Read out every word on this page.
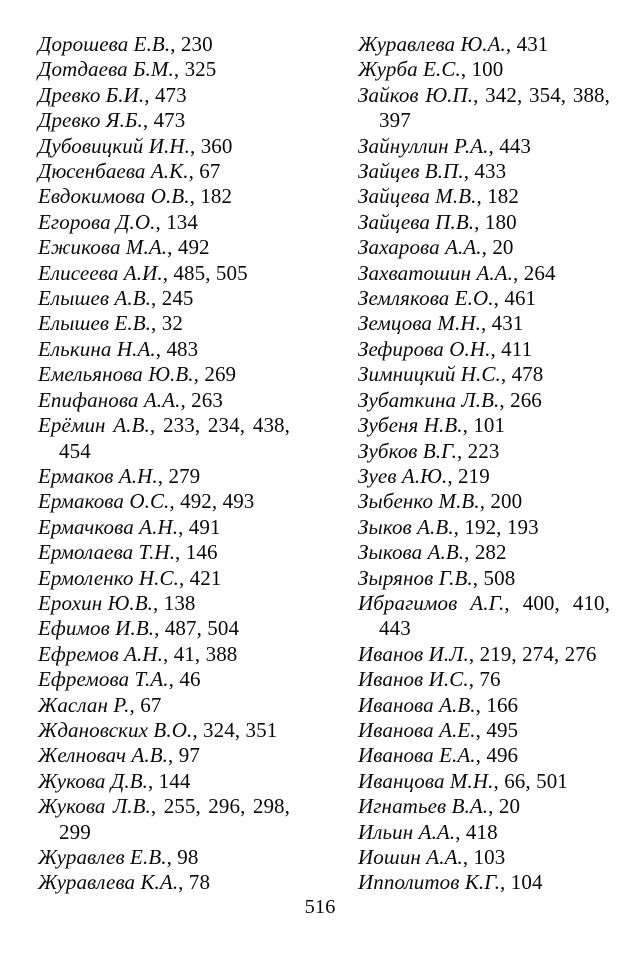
Дорошева Е.В., 230
Дотдаева Б.М., 325
Древко Б.И., 473
Древко Я.Б., 473
Дубовицкий И.Н., 360
Дюсенбаева А.К., 67
Евдокимова О.В., 182
Егорова Д.О., 134
Ежикова М.А., 492
Елисеева А.И., 485, 505
Елышев А.В., 245
Елышев Е.В., 32
Елькина Н.А., 483
Емельянова Ю.В., 269
Епифанова А.А., 263
Ерёмин А.В., 233, 234, 438, 454
Ермаков А.Н., 279
Ермакова О.С., 492, 493
Ермачкова А.Н., 491
Ермолаева Т.Н., 146
Ермоленко Н.С., 421
Ерохин Ю.В., 138
Ефимов И.В., 487, 504
Ефремов А.Н., 41, 388
Ефремова Т.А., 46
Жаслан Р., 67
Ждановских В.О., 324, 351
Желновач А.В., 97
Жукова Д.В., 144
Жукова Л.В., 255, 296, 298, 299
Журавлев Е.В., 98
Журавлева К.А., 78
Журавлева Ю.А., 431
Журба Е.С., 100
Зайков Ю.П., 342, 354, 388, 397
Зайнуллин Р.А., 443
Зайцев В.П., 433
Зайцева М.В., 182
Зайцева П.В., 180
Захарова А.А., 20
Захватошин А.А., 264
Землякова Е.О., 461
Земцова М.Н., 431
Зефирова О.Н., 411
Зимницкий Н.С., 478
Зубаткина Л.В., 266
Зубеня Н.В., 101
Зубков В.Г., 223
Зуев А.Ю., 219
Зыбенко М.В., 200
Зыков А.В., 192, 193
Зыкова А.В., 282
Зырянов Г.В., 508
Ибрагимов А.Г., 400, 410, 443
Иванов И.Л., 219, 274, 276
Иванов И.С., 76
Иванова А.В., 166
Иванова А.Е., 495
Иванова Е.А., 496
Иванцова М.Н., 66, 501
Игнатьев В.А., 20
Ильин А.А., 418
Иошин А.А., 103
Ипполитов К.Г., 104
516
